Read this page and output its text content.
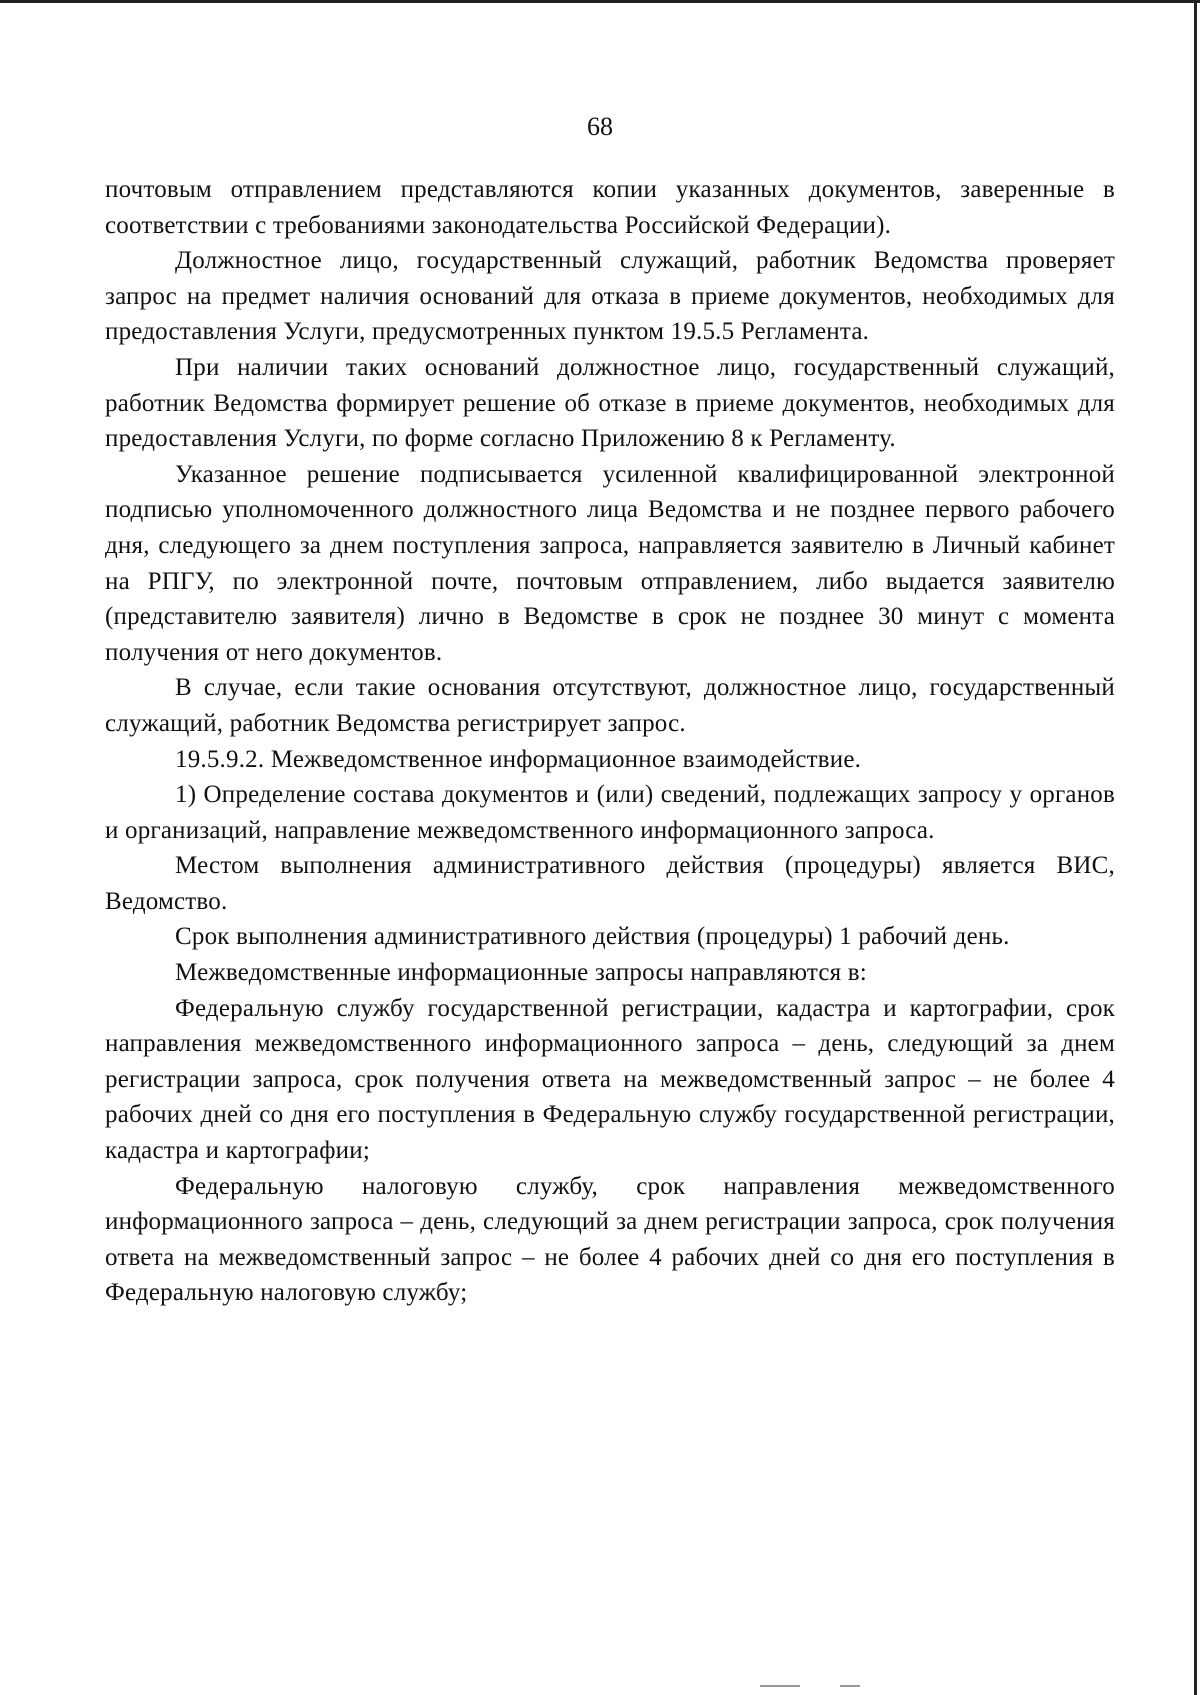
68

почтовым отправлением представляются копии указанных документов, заверенные в соответствии с требованиями законодательства Российской Федерации).

Должностное лицо, государственный служащий, работник Ведомства проверяет запрос на предмет наличия оснований для отказа в приеме документов, необходимых для предоставления Услуги, предусмотренных пунктом 19.5.5 Регламента.

При наличии таких оснований должностное лицо, государственный служащий, работник Ведомства формирует решение об отказе в приеме документов, необходимых для предоставления Услуги, по форме согласно Приложению 8 к Регламенту.

Указанное решение подписывается усиленной квалифицированной электронной подписью уполномоченного должностного лица Ведомства и не позднее первого рабочего дня, следующего за днем поступления запроса, направляется заявителю в Личный кабинет на РПГУ, по электронной почте, почтовым отправлением, либо выдается заявителю (представителю заявителя) лично в Ведомстве в срок не позднее 30 минут с момента получения от него документов.

В случае, если такие основания отсутствуют, должностное лицо, государственный служащий, работник Ведомства регистрирует запрос.

19.5.9.2. Межведомственное информационное взаимодействие.

1) Определение состава документов и (или) сведений, подлежащих запросу у органов и организаций, направление межведомственного информационного запроса.

Местом выполнения административного действия (процедуры) является ВИС, Ведомство.

Срок выполнения административного действия (процедуры) 1 рабочий день.

Межведомственные информационные запросы направляются в:

Федеральную службу государственной регистрации, кадастра и картографии, срок направления межведомственного информационного запроса – день, следующий за днем регистрации запроса, срок получения ответа на межведомственный запрос – не более 4 рабочих дней со дня его поступления в Федеральную службу государственной регистрации, кадастра и картографии;

Федеральную налоговую службу, срок направления межведомственного информационного запроса – день, следующий за днем регистрации запроса, срок получения ответа на межведомственный запрос – не более 4 рабочих дней со дня его поступления в Федеральную налоговую службу;
